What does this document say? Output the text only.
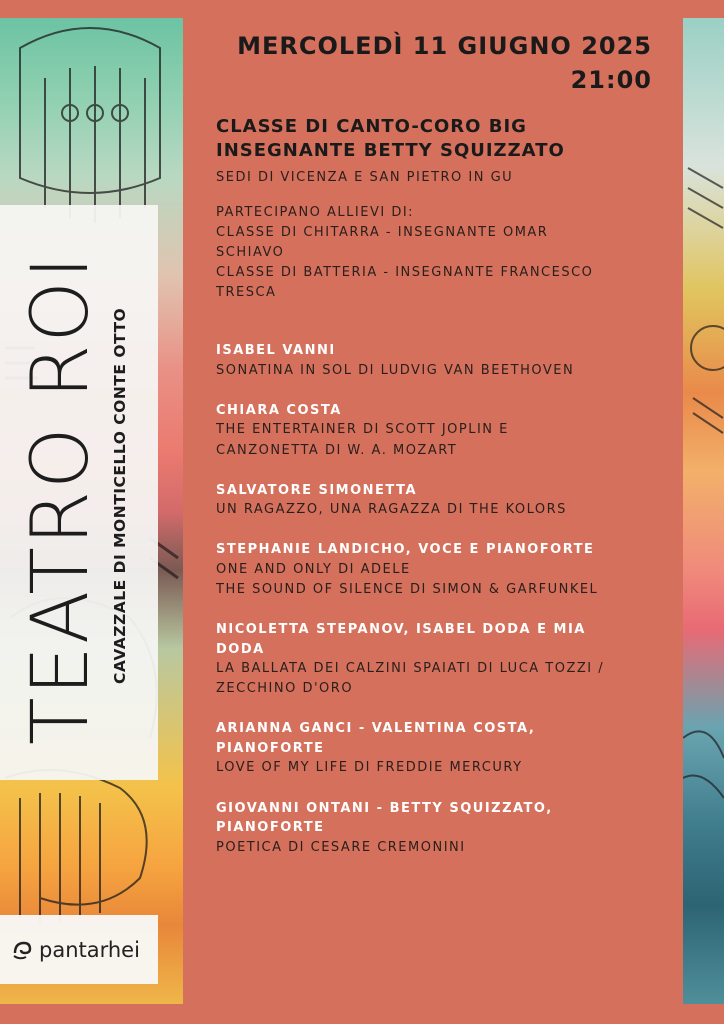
TEATRO ROI CAVAZZALE DI MONTICELLO CONTE OTTO
pantarhei
MERCOLEDÌ 11 GIUGNO 2025
21:00
CLASSE DI CANTO-CORO BIG
INSEGNANTE BETTY SQUIZZATO
SEDI DI VICENZA E SAN PIETRO IN GU
PARTECIPANO ALLIEVI DI:
CLASSE DI CHITARRA - INSEGNANTE OMAR
SCHIAVO
CLASSE DI BATTERIA - INSEGNANTE FRANCESCO
TRESCA
ISABEL VANNI
SONATINA IN SOL DI LUDVIG VAN BEETHOVEN
CHIARA COSTA
THE ENTERTAINER DI SCOTT JOPLIN E
CANZONETTA DI W. A. MOZART
SALVATORE SIMONETTA
UN RAGAZZO, UNA RAGAZZA DI THE KOLORS
STEPHANIE LANDICHO, VOCE E PIANOFORTE
ONE AND ONLY DI ADELE
THE SOUND OF SILENCE DI SIMON & GARFUNKEL
NICOLETTA STEPANOV, ISABEL DODA E MIA
DODA
LA BALLATA DEI CALZINI SPAIATI DI LUCA TOZZI /
ZECCHINO D'ORO
ARIANNA GANCI - VALENTINA COSTA,
PIANOFORTE
LOVE OF MY LIFE DI FREDDIE MERCURY
GIOVANNI ONTANI - BETTY SQUIZZATO,
PIANOFORTE
POETICA DI CESARE CREMONINI
